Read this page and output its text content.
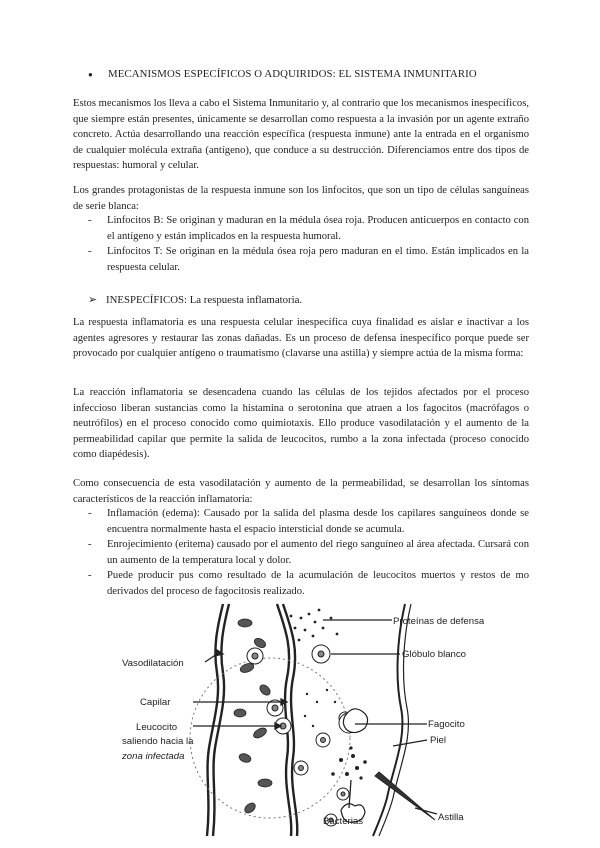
● MECANISMOS ESPECÍFICOS O ADQUIRIDOS: EL SISTEMA INMUNITARIO

Estos mecanismos los lleva a cabo el Sistema Inmunitario y, al contrario que los mecanismos inespecíficos, que siempre están presentes, únicamente se desarrollan como respuesta a la invasión por un agente extraño concreto. Actúa desarrollando una reacción específica (respuesta inmune) ante la entrada en el organismo de cualquier molécula extraña (antígeno), que conduce a su destrucción. Diferenciamos entre dos tipos de respuestas: humoral y celular.

Los grandes protagonistas de la respuesta inmune son los linfocitos, que son un tipo de células sanguíneas de serie blanca:

- Linfocitos B: Se originan y maduran en la médula ósea roja. Producen anticuerpos en contacto con el antígeno y están implicados en la respuesta humoral.
- Linfocitos T: Se originan en la médula ósea roja pero maduran en el timo. Están implicados en la respuesta celular.
➢ INESPECÍFICOS: La respuesta inflamatoria.

La respuesta inflamatoria es una respuesta celular inespecífica cuya finalidad es aislar e inactivar a los agentes agresores y restaurar las zonas dañadas. Es un proceso de defensa inespecífico porque puede ser provocado por cualquier antígeno o traumatismo (clavarse una astilla) y siempre actúa de la misma forma:

La reacción inflamatoria se desencadena cuando las células de los tejidos afectados por el proceso infeccioso liberan sustancias como la histamina o serotonina que atraen a los fagocitos (macrófagos o neutrófilos) en el proceso conocido como quimiotaxis. Ello produce vasodilatación y el aumento de la permeabilidad capilar que permite la salida de leucocitos, rumbo a la zona infectada (proceso conocido como diapédesis).

Como consecuencia de esta vasodilatación y aumento de la permeabilidad, se desarrollan los síntomas característicos de la reacción inflamatoria:

- Inflamación (edema): Causado por la salida del plasma desde los capilares sanguíneos donde se encuentra normalmente hasta el espacio intersticial donde se acumula.
- Enrojecimiento (eritema) causado por el aumento del riego sanguíneo al área afectada. Cursará con un aumento de la temperatura local y dolor.
- Puede producir pus como resultado de la acumulación de leucocitos muertos y restos de mo derivados del proceso de fagocitosis realizado.
Proteínas de defensa
Glóbulo blanco
Vasodilatación
Capilar
Leucocito
saliendo hacia la
zona infectada
Fagocito
Piel
Bacterias	Astilla
